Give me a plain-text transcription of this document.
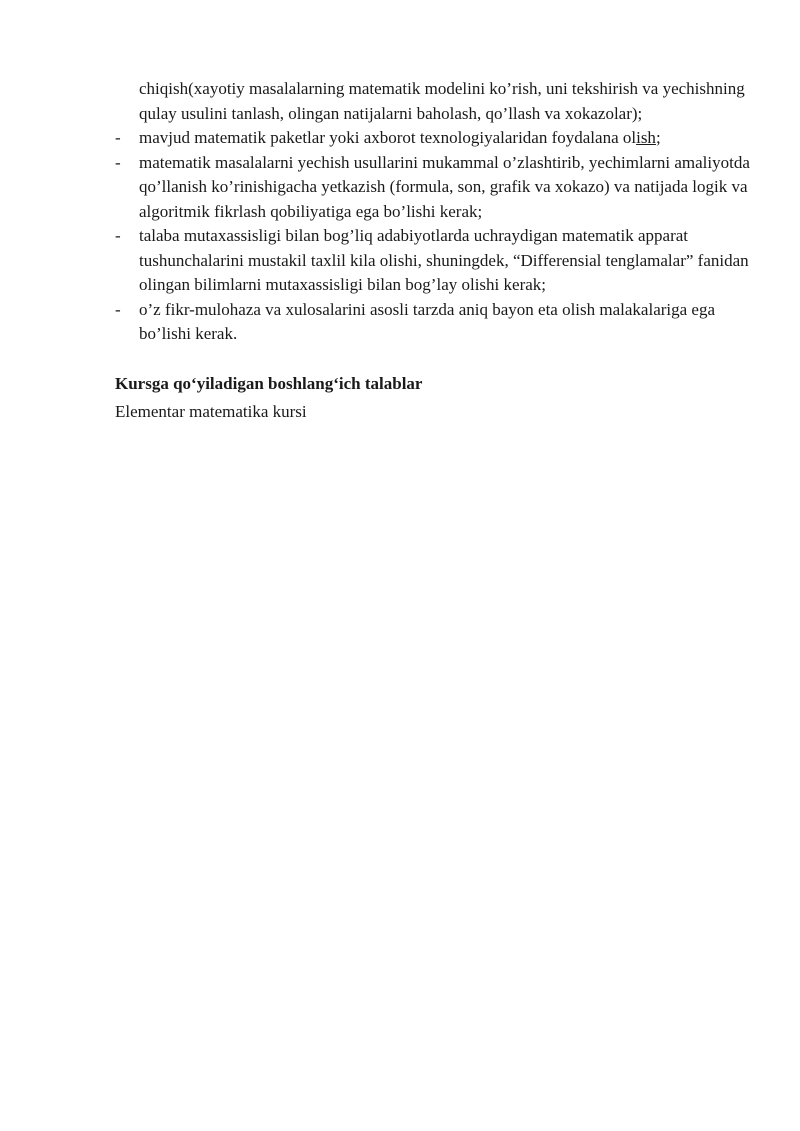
chiqish(xayotiy masalalarning matematik modelini ko’rish, uni tekshirish va yechishning qulay usulini tanlash, olingan natijalarni baholash, qo’llash va xokazolar);

- mavjud matematik paketlar yoki axborot texnologiyalaridan foydalana olish;
- matematik masalalarni yechish usullarini mukammal o’zlashtirib, yechimlarni amaliyotda qo’llanish ko’rinishigacha yetkazish (formula, son, grafik va xokazo) va natijada logik va algoritmik fikrlash qobiliyatiga ega bo’lishi kerak;
- talaba mutaxassisligi bilan bog’liq adabiyotlarda uchraydigan matematik apparat tushunchalarini mustakil taxlil kila olishi, shuningdek, “Differensial tenglamalar” fanidan olingan bilimlarni mutaxassisligi bilan bog’lay olishi kerak;
- o’z fikr-mulohaza va xulosalarini asosli tarzda aniq bayon eta olish malakalariga ega bo’lishi kerak.

Kursga qo‘yiladigan boshlang‘ich talablar

Elementar matematika kursi
